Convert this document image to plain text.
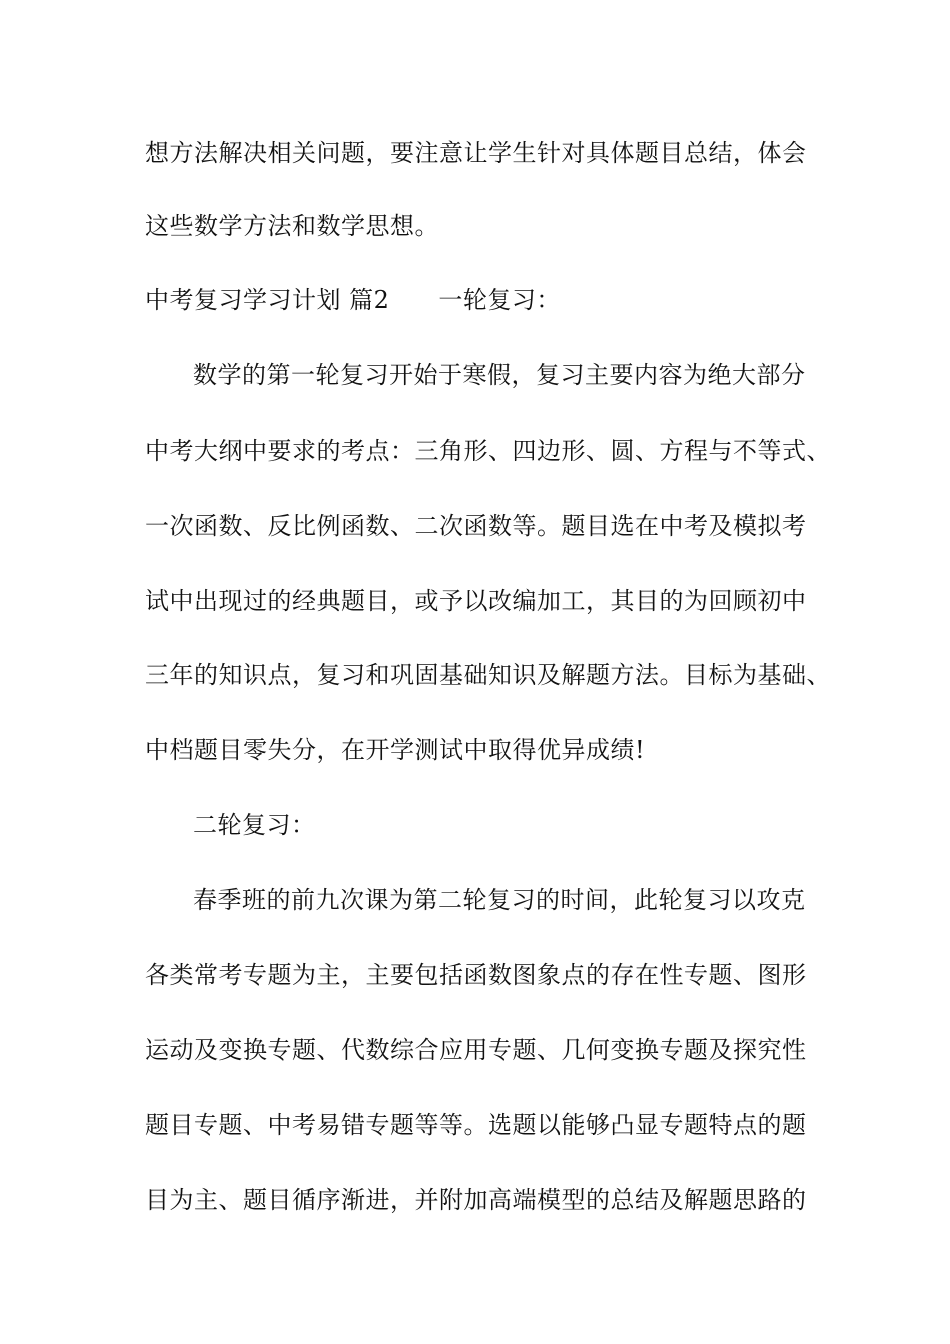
想方法解决相关问题，要注意让学生针对具体题目总结，体会
这些数学方法和数学思想。
中考复习学习计划 篇2　　一轮复习：
数学的第一轮复习开始于寒假，复习主要内容为绝大部分
中考大纲中要求的考点：三角形、四边形、圆、方程与不等式、
一次函数、反比例函数、二次函数等。题目选在中考及模拟考
试中出现过的经典题目，或予以改编加工，其目的为回顾初中
三年的知识点，复习和巩固基础知识及解题方法。目标为基础、
中档题目零失分，在开学测试中取得优异成绩!
二轮复习：
春季班的前九次课为第二轮复习的时间，此轮复习以攻克
各类常考专题为主，主要包括函数图象点的存在性专题、图形
运动及变换专题、代数综合应用专题、几何变换专题及探究性
题目专题、中考易错专题等等。选题以能够凸显专题特点的题
目为主、题目循序渐进，并附加高端模型的总结及解题思路的
